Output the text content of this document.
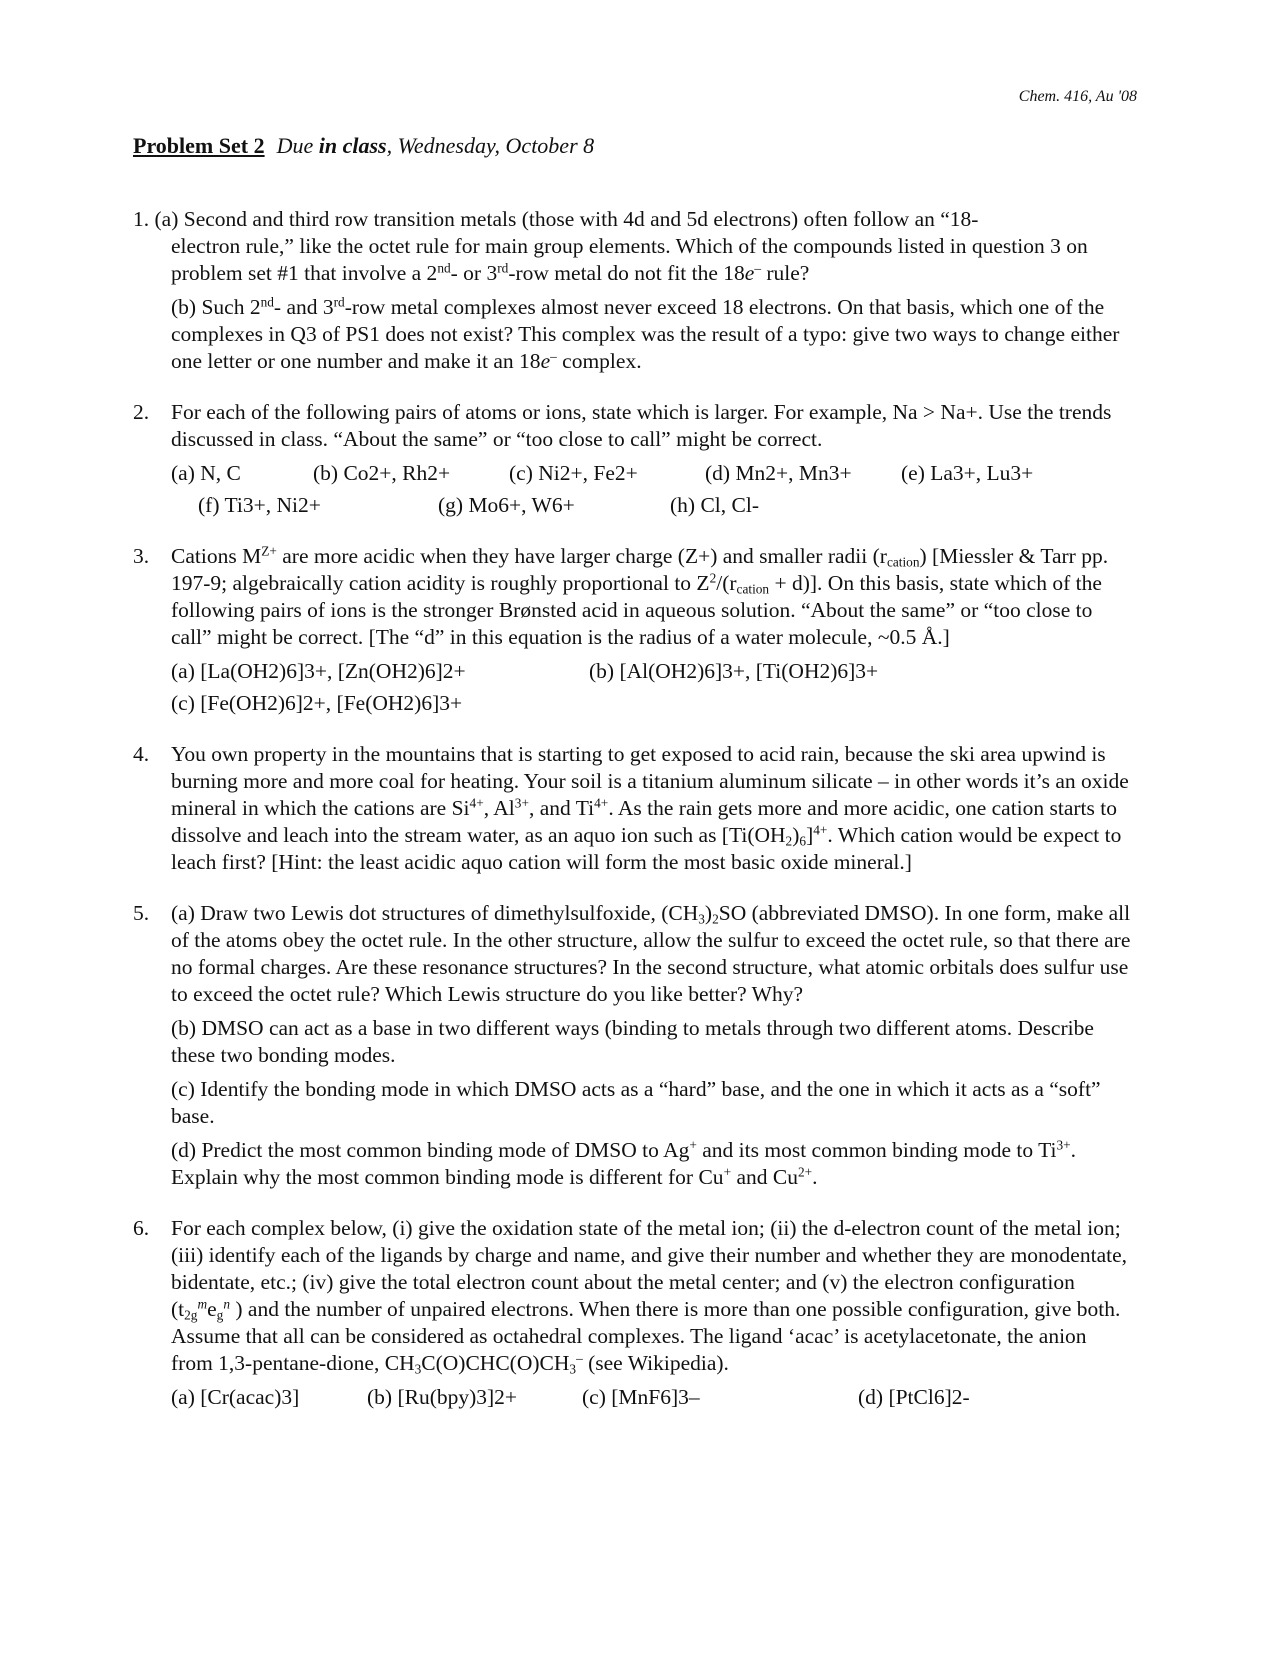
Chem. 416, Au '08
Problem Set 2 Due in class, Wednesday, October 8

1. (a) Second and third row transition metals (those with 4d and 5d electrons) often follow an “18-

electron rule,” like the octet rule for main group elements. Which of the compounds listed in question 3 on problem set #1 that involve a 2nd- or 3rd-row metal do not fit the 18e– rule?

(b) Such 2nd- and 3rd-row metal complexes almost never exceed 18 electrons. On that basis, which one of the complexes in Q3 of PS1 does not exist? This complex was the result of a typo: give two ways to change either one letter or one number and make it an 18e– complex.

2. For each of the following pairs of atoms or ions, state which is larger. For example, Na > Na+. Use the trends discussed in class. “About the same” or “too close to call” might be correct.

(a) N, C	(b) Co2+, Rh2+	(c) Ni2+, Fe2+	(d) Mn2+, Mn3+	(e) La3+, Lu3+
(f) Ti3+, Ni2+	(g) Mo6+, W6+	(h) Cl, Cl-
3. Cations $M^{Z+}$ are more acidic when they have larger charge (Z+) and smaller radii $(r_{cation})$ [Miessler & Tarr pp. 197-9; algebraically cation acidity is roughly proportional to $Z^2/(r_{cation} + d)$]. On this basis, state which of the following pairs of ions is the stronger Brønsted acid in aqueous solution. “About the same” or “too close to call” might be correct. [The “d” in this equation is the radius of a water molecule, ~0.5 Å.]

(a) [La(OH2)6]3+, [Zn(OH2)6]2+	(b) [Al(OH2)6]3+, [Ti(OH2)6]3+
(c) [Fe(OH2)6]2+, [Fe(OH2)6]3+
4. You own property in the mountains that is starting to get exposed to acid rain, because the ski area upwind is burning more and more coal for heating. Your soil is a titanium aluminum silicate – in other words it’s an oxide mineral in which the cations are $Si^{4+}$, $Al^{3+}$, and $Ti^{4+}$. As the rain gets more and more acidic, one cation starts to dissolve and leach into the stream water, as an aquo ion such as $[Ti(OH_2)_6]^{4+}$. Which cation would be expect to leach first? [Hint: the least acidic aquo cation will form the most basic oxide mineral.]

5. (a) Draw two Lewis dot structures of dimethylsulfoxide, $(CH_3)_2SO$ (abbreviated DMSO). In one form, make all of the atoms obey the octet rule. In the other structure, allow the sulfur to exceed the octet rule, so that there are no formal charges. Are these resonance structures? In the second structure, what atomic orbitals does sulfur use to exceed the octet rule? Which Lewis structure do you like better? Why?

(b) DMSO can act as a base in two different ways (binding to metals through two different atoms. Describe these two bonding modes.

(c) Identify the bonding mode in which DMSO acts as a “hard” base, and the one in which it acts as a “soft” base.

(d) Predict the most common binding mode of DMSO to Ag+ and its most common binding mode to $Ti^{3+}$. Explain why the most common binding mode is different for Cu+ and $Cu^{2+}$.

6. For each complex below, (i) give the oxidation state of the metal ion; (ii) the d-electron count of the metal ion; (iii) identify each of the ligands by charge and name, and give their number and whether they are monodentate, bidentate, etc.; (iv) give the total electron count about the metal center; and (v) the electron configuration ($t_{2g}^me_g^n$ ) and the number of unpaired electrons. When there is more than one possible configuration, give both. Assume that all can be considered as octahedral complexes. The ligand ‘acac’ is acetylacetonate, the anion from 1,3-pentane-dione, $CH_3C(O)CHC(O)CH_3^-$ (see Wikipedia).

(a) [Cr(acac)3]	(b) [Ru(bpy)3]2+	(c) [MnF6]3–	(d) [PtCl6]2-
